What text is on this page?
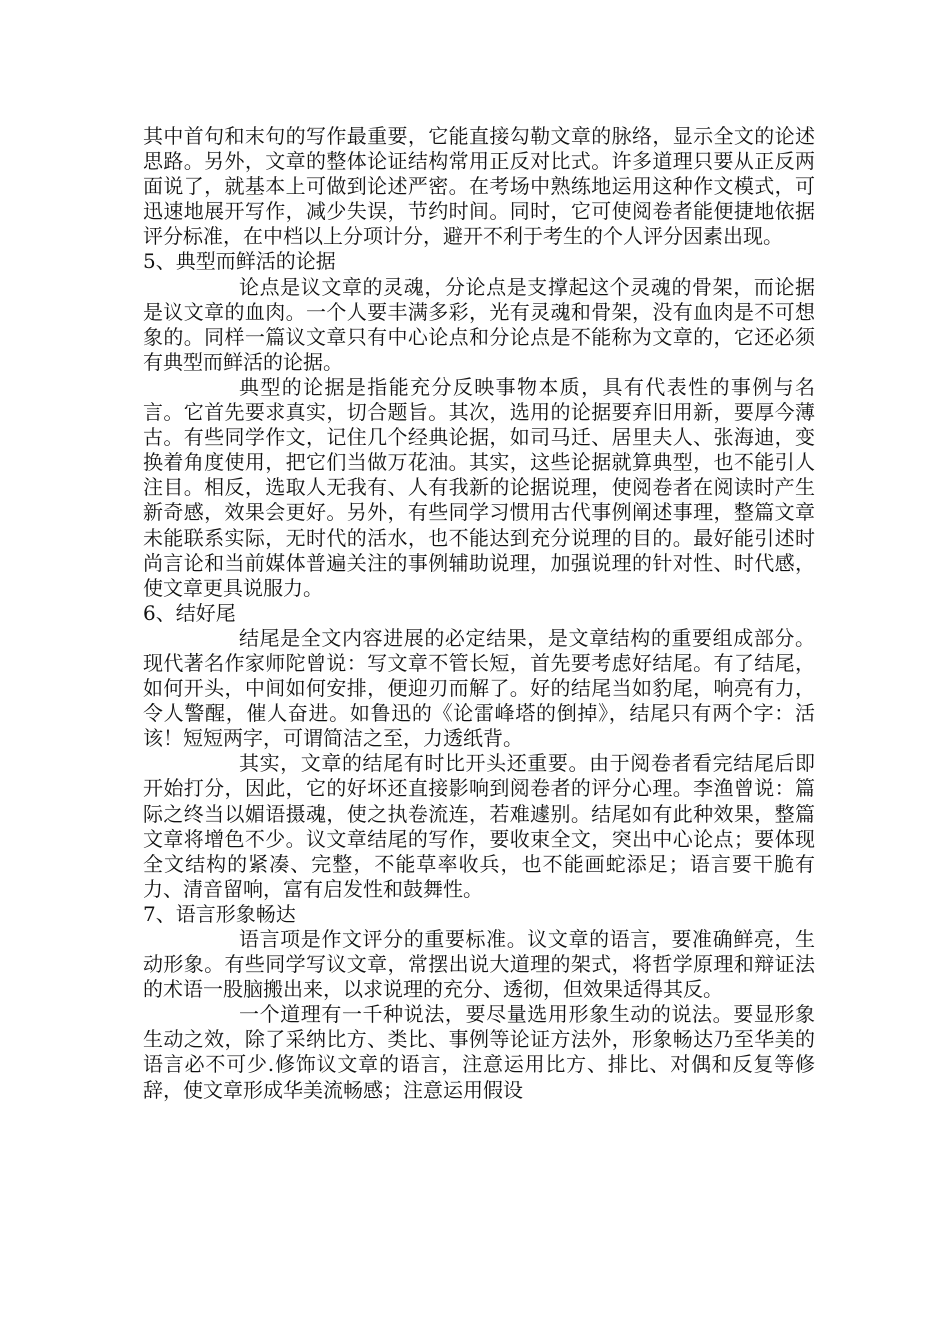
其中首句和末句的写作最重要，它能直接勾勒文章的脉络，显示全文的论述思路。另外，文章的整体论证结构常用正反对比式。许多道理只要从正反两面说了，就基本上可做到论述严密。在考场中熟练地运用这种作文模式，可迅速地展开写作，减少失误，节约时间。同时，它可使阅卷者能便捷地依据评分标准，在中档以上分项计分，避开不利于考生的个人评分因素出现。

5、典型而鲜活的论据

论点是议文章的灵魂，分论点是支撑起这个灵魂的骨架，而论据是议文章的血肉。一个人要丰满多彩，光有灵魂和骨架，没有血肉是不可想象的。同样一篇议文章只有中心论点和分论点是不能称为文章的，它还必须有典型而鲜活的论据。

典型的论据是指能充分反映事物本质，具有代表性的事例与名言。它首先要求真实，切合题旨。其次，选用的论据要弃旧用新，要厚今薄古。有些同学作文，记住几个经典论据，如司马迁、居里夫人、张海迪，变换着角度使用，把它们当做万花油。其实，这些论据就算典型，也不能引人注目。相反，选取人无我有、人有我新的论据说理，使阅卷者在阅读时产生新奇感，效果会更好。另外，有些同学习惯用古代事例阐述事理，整篇文章未能联系实际，无时代的活水，也不能达到充分说理的目的。最好能引述时尚言论和当前媒体普遍关注的事例辅助说理，加强说理的针对性、时代感，使文章更具说服力。

6、结好尾

结尾是全文内容进展的必定结果，是文章结构的重要组成部分。现代著名作家师陀曾说：写文章不管长短，首先要考虑好结尾。有了结尾，如何开头，中间如何安排，便迎刃而解了。好的结尾当如豹尾，响亮有力，令人警醒，催人奋进。如鲁迅的《论雷峰塔的倒掉》，结尾只有两个字：活该！短短两字，可谓简洁之至，力透纸背。

其实，文章的结尾有时比开头还重要。由于阅卷者看完结尾后即开始打分，因此，它的好坏还直接影响到阅卷者的评分心理。李渔曾说：篇际之终当以媚语摄魂，使之执卷流连，若难遽别。结尾如有此种效果，整篇文章将增色不少。议文章结尾的写作，要收束全文，突出中心论点；要体现全文结构的紧凑、完整，不能草率收兵，也不能画蛇添足；语言要干脆有力、清音留响，富有启发性和鼓舞性。

7、语言形象畅达

语言项是作文评分的重要标准。议文章的语言，要准确鲜亮，生动形象。有些同学写议文章，常摆出说大道理的架式，将哲学原理和辩证法的术语一股脑搬出来，以求说理的充分、透彻，但效果适得其反。

一个道理有一千种说法，要尽量选用形象生动的说法。要显形象生动之效，除了采纳比方、类比、事例等论证方法外，形象畅达乃至华美的语言必不可少.修饰议文章的语言，注意运用比方、排比、对偶和反复等修辞，使文章形成华美流畅感；注意运用假设
